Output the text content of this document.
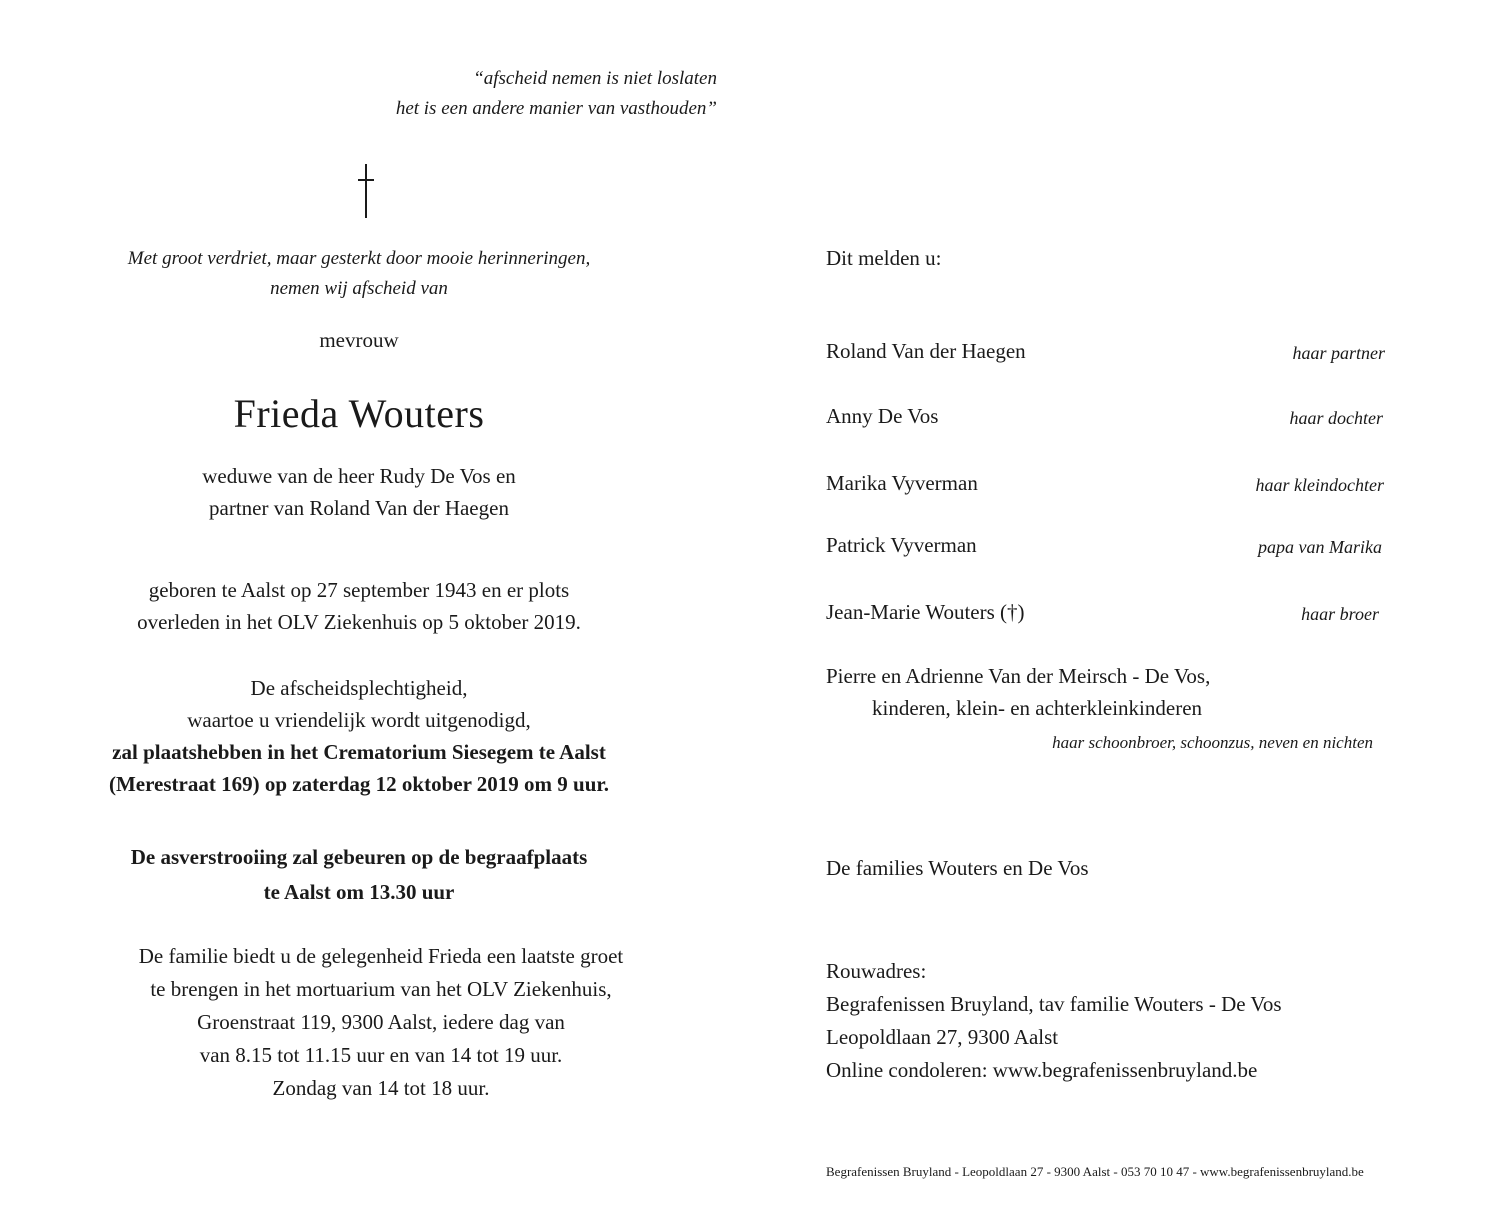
“afscheid nemen is niet loslaten
het is een andere manier van vasthouden”
Met groot verdriet, maar gesterkt door mooie herinneringen,
nemen wij afscheid van
mevrouw
Frieda Wouters
weduwe van de heer Rudy De Vos en
partner van Roland Van der Haegen
geboren te Aalst op 27 september 1943 en er plots
overleden in het OLV Ziekenhuis op 5 oktober 2019.
De afscheidsplechtigheid,
waartoe u vriendelijk wordt uitgenodigd,
zal plaatshebben in het Crematorium Siesegem te Aalst
(Merestraat 169) op zaterdag 12 oktober 2019 om 9 uur.
De asverstrooiing zal gebeuren op de begraafplaats
te Aalst om 13.30 uur
De familie biedt u de gelegenheid Frieda een laatste groet
te brengen in het mortuarium van het OLV Ziekenhuis,
Groenstraat 119, 9300 Aalst, iedere dag van
van 8.15 tot 11.15 uur en van 14 tot 19 uur.
Zondag van 14 tot 18 uur.
Dit melden u:
Roland Van der Haegen	haar partner
Anny De Vos	haar dochter
Marika Vyverman	haar kleindochter
Patrick Vyverman	papa van Marika
Jean-Marie Wouters (†)	haar broer
Pierre en Adrienne Van der Meirsch - De Vos,
kinderen, klein- en achterkleinkinderen
haar schoonbroer, schoonzus, neven en nichten
De families Wouters en De Vos
Rouwadres:
Begrafenissen Bruyland, tav familie Wouters - De Vos
Leopoldlaan 27, 9300 Aalst
Online condoleren: www.begrafenissenbruyland.be
Begrafenissen Bruyland - Leopoldlaan 27 - 9300 Aalst - 053 70 10 47 - www.begrafenissenbruyland.be
